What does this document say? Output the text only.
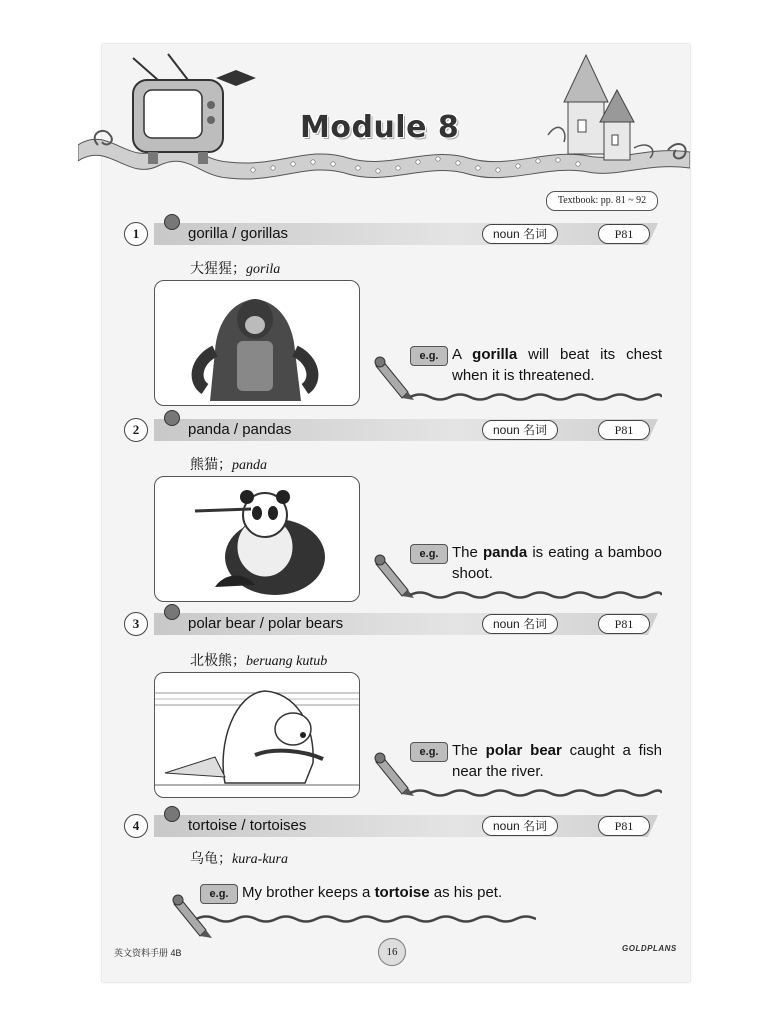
Module 8
Textbook: pp. 81 ~ 92
1	gorilla / gorillas	noun 名词	P81
大猩猩；gorila
e.g. A gorilla will beat its chest when it is threatened.
2	panda / pandas	noun 名词	P81
熊猫；panda
e.g. The panda is eating a bamboo shoot.
3	polar bear / polar bears	noun 名词	P81
北极熊；beruang kutub
e.g. The polar bear caught a fish near the river.
4	tortoise / tortoises	noun 名词	P81
乌龟；kura-kura
e.g. My brother keeps a tortoise as his pet.
英文资料手册 4B	16	GOLDPLANS
